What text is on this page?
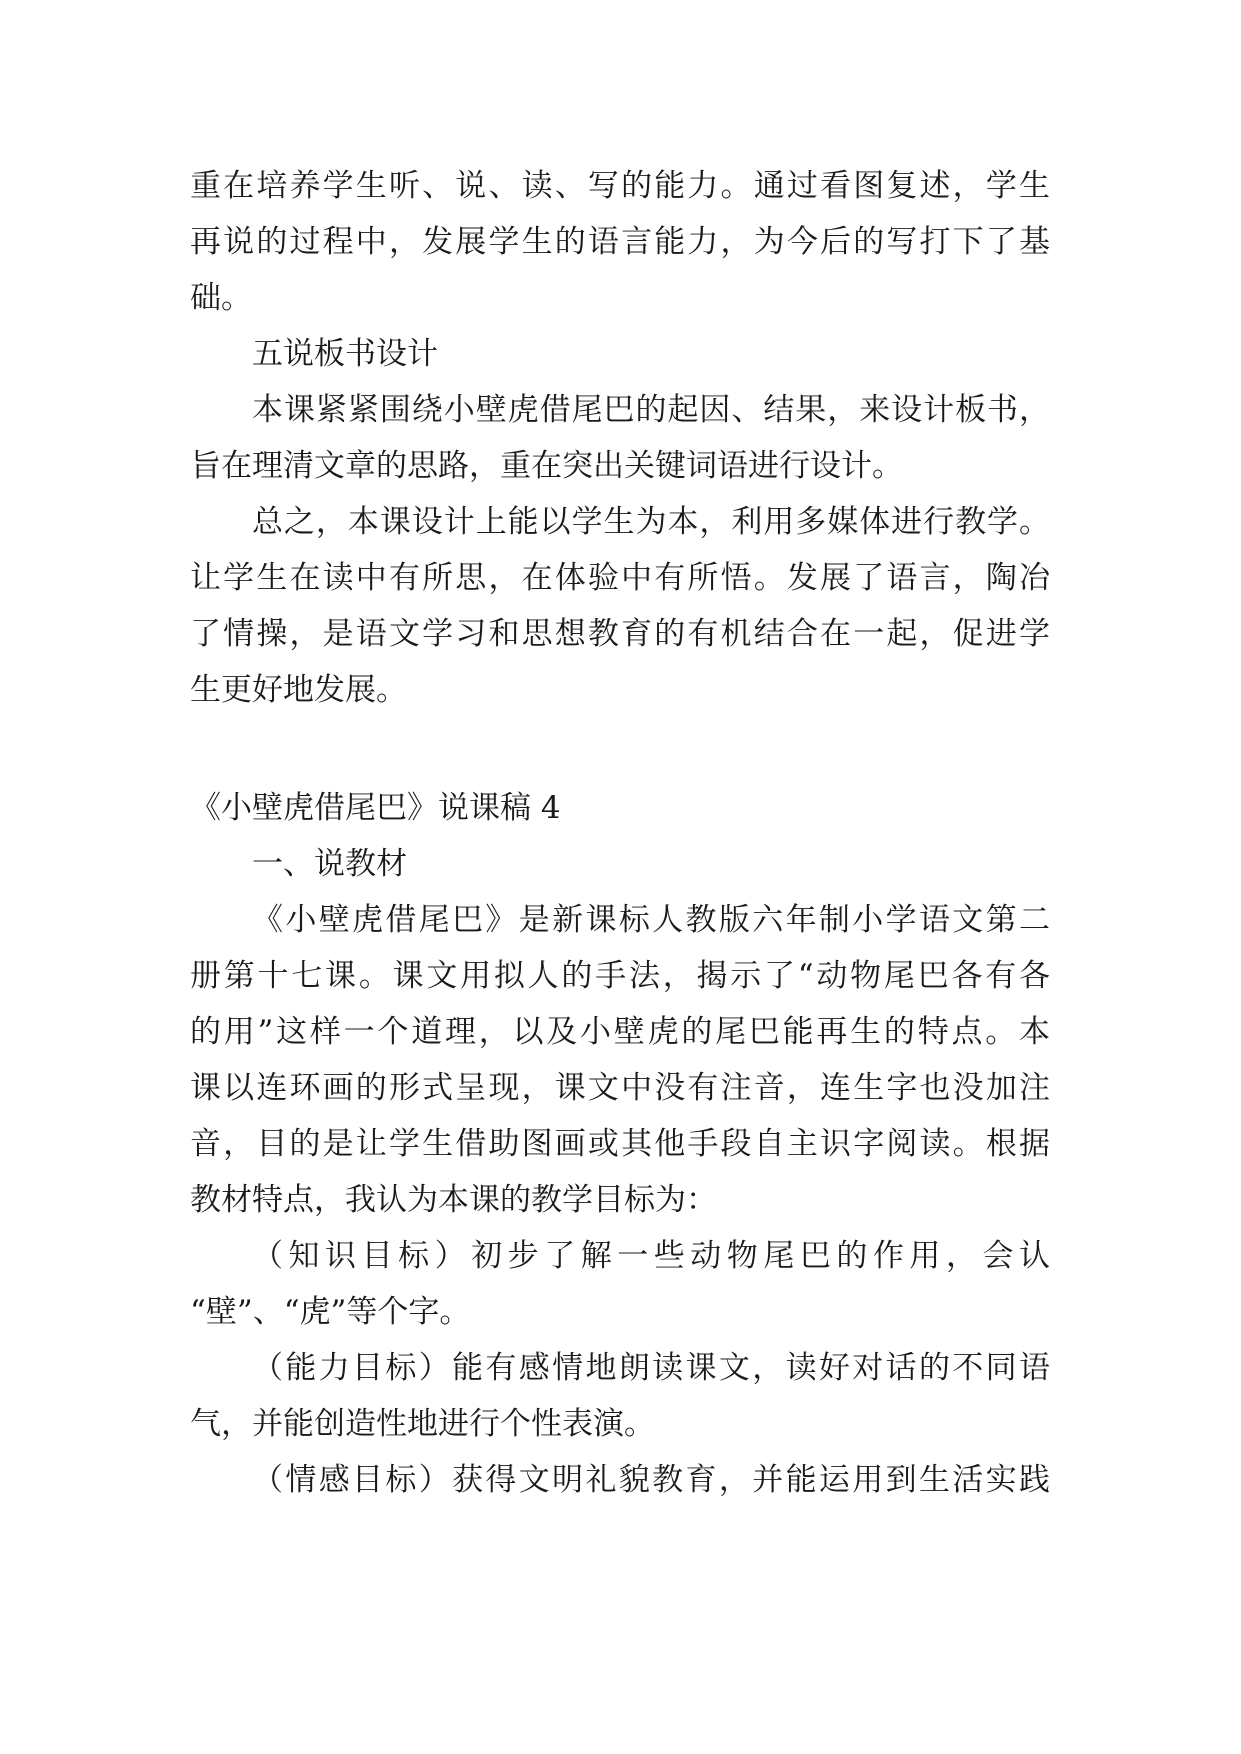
重在培养学生听、说、读、写的能力。通过看图复述，学生
再说的过程中，发展学生的语言能力，为今后的写打下了基
础。
五说板书设计
本课紧紧围绕小壁虎借尾巴的起因、结果，来设计板书，
旨在理清文章的思路，重在突出关键词语进行设计。
总之，本课设计上能以学生为本，利用多媒体进行教学。
让学生在读中有所思，在体验中有所悟。发展了语言，陶冶
了情操，是语文学习和思想教育的有机结合在一起，促进学
生更好地发展。
《小壁虎借尾巴》说课稿 4
一、说教材
《小壁虎借尾巴》是新课标人教版六年制小学语文第二
册第十七课。课文用拟人的手法，揭示了“动物尾巴各有各
的用”这样一个道理，以及小壁虎的尾巴能再生的特点。本
课以连环画的形式呈现，课文中没有注音，连生字也没加注
音，目的是让学生借助图画或其他手段自主识字阅读。根据
教材特点，我认为本课的教学目标为：
（知识目标）初步了解一些动物尾巴的作用，会认
“壁”、“虎”等个字。
（能力目标）能有感情地朗读课文，读好对话的不同语
气，并能创造性地进行个性表演。
（情感目标）获得文明礼貌教育，并能运用到生活实践
